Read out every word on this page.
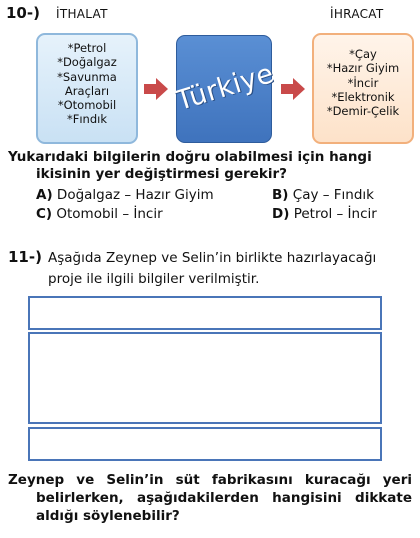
10-) İTHALAT	İHRACAT
*Petrol
*Doğalgaz
*Savunma
Araçları
*Otomobil
*Fındık
Türkiye
*Çay
*Hazır Giyim
*İncir
*Elektronik
*Demir-Çelik
Yukarıdaki bilgilerin doğru olabilmesi için hangi
ikisinin yer değiştirmesi gerekir?
A) Doğalgaz – Hazır Giyim	B) Çay – Fındık
C) Otomobil – İncir	D) Petrol – İncir
11-) Aşağıda Zeynep ve Selin’in birlikte hazırlayacağı
proje ile ilgili bilgiler verilmiştir.
Zeynep ve Selin’in süt fabrikasını kuracağı yeri
belirlerken, aşağıdakilerden hangisini dikkate
aldığı söylenebilir?
